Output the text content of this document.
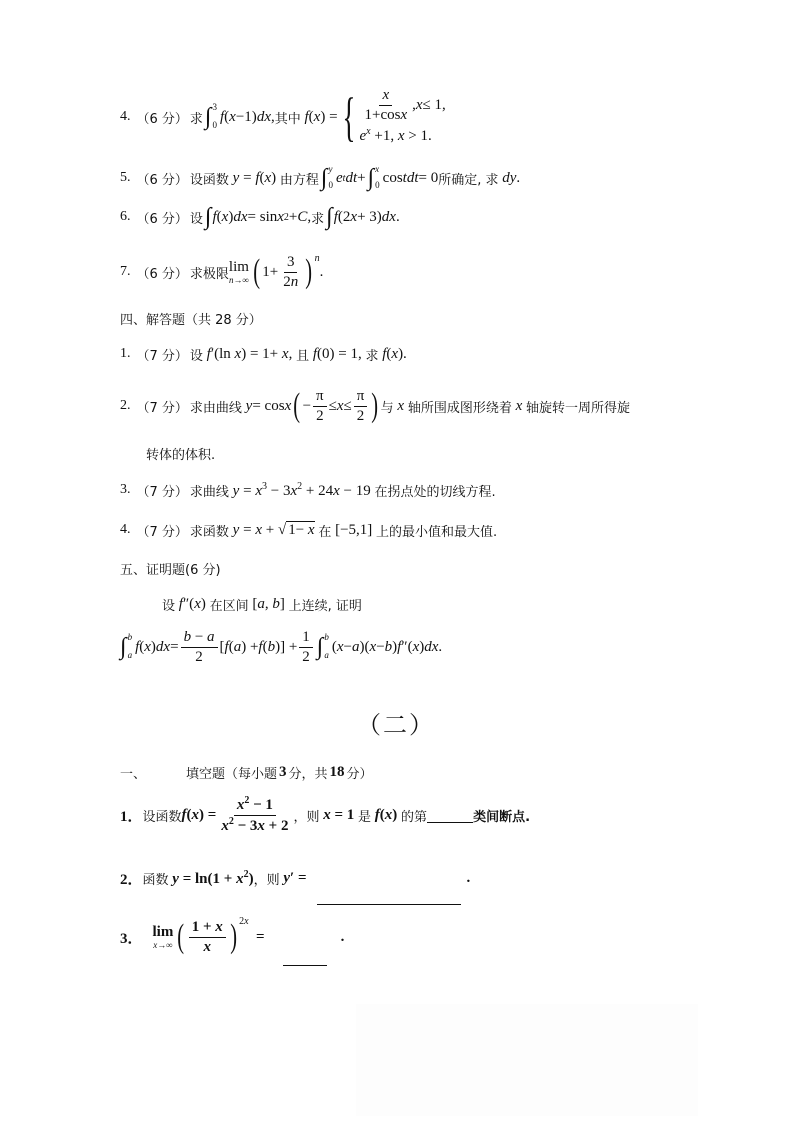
4. （6 分） 求 ∫ 3
0
f ( x −1) dx , 其中
f ( x ) = { $\frac{x}{1+\cos x}$ , x ≤ 1,
$e^x +1$, x > 1.
5. （6 分） 设函数 y = f(x) 由方程 ∫ y
0 e t dt + ∫ x
0 cos tdt = 0 所确定, 求 dy.
6. （6 分） 设 ∫ f ( x ) dx = sin x 2 + C , 求 ∫ f (2 x + 3) dx .
7. （6 分） 求极限 lim
n→∞ ( $1+ \frac{3}{2n}$ ) $^n$
.
四、解答题（共 28 分）
1. （7 分） 设 f′(ln x) = 1+ x, 且 f(0) = 1, 求 f(x).
2. （7 分） 求由曲线
y = cos x ( − $\frac{\pi}{2} \le x \le \frac{\pi}{2}$ ) 与 x 轴所围成图形绕着 x 轴旋转一周所得旋
转体的体积.
3. （7 分） 求曲线 $y = x^3 - 3x^2 + 24x - 19$ 在拐点处的切线方程.
4. （7 分） 求函数 y = x + √ 1− x 在 [−5,1] 上的最小值和最大值.
五、证明题(6 分)
设 f″(x) 在区间 [a, b] 上连续, 证明
∫ b
a
f ( x ) dx = $\frac{b - a}{2}$ [ f ( a ) + f ( b )] + $\frac{1}{2}$ ∫ b
a
( x − a )( x − b ) f ″( x ) dx .
（二）
一、	填空题（每小题 3 分，共 18 分）
1． 设函数 f ( x ) = $\frac{x^2 - 1}{x^2 - 3x + 2}$ ，则 x = 1 是 f(x) 的第	类间断点.
2． 函数 $y = \ln(1 + x^2)$ ，则 y′ =	.
3． lim
x→∞ ( $\frac{1 + x}{x} )^{2x}$
=	.
